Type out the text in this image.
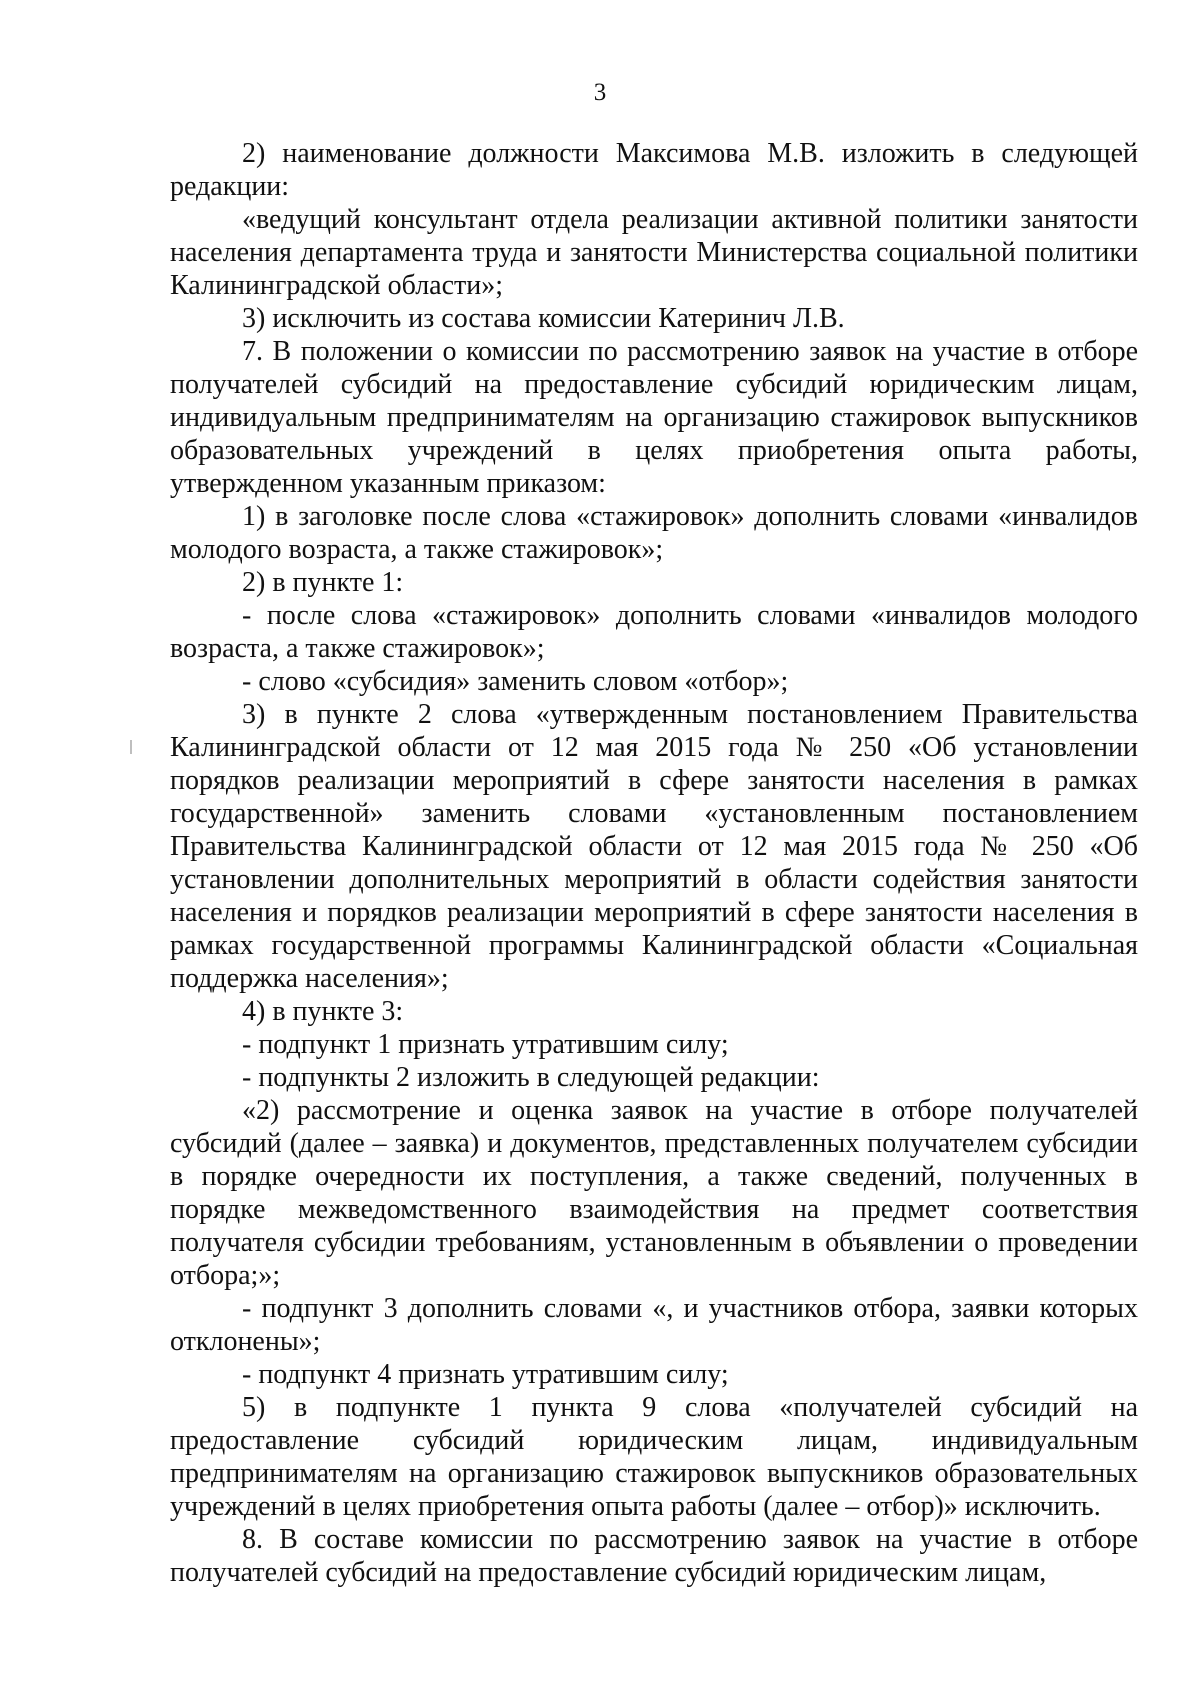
3

2) наименование должности Максимова М.В. изложить в следующей редакции:

«ведущий консультант отдела реализации активной политики занятости населения департамента труда и занятости Министерства социальной политики Калининградской области»;

3) исключить из состава комиссии Катеринич Л.В.

7. В положении о комиссии по рассмотрению заявок на участие в отборе получателей субсидий на предоставление субсидий юридическим лицам, индивидуальным предпринимателям на организацию стажировок выпускников образовательных учреждений в целях приобретения опыта работы, утвержденном указанным приказом:

1) в заголовке после слова «стажировок» дополнить словами «инвалидов молодого возраста, а также стажировок»;

2) в пункте 1:

- после слова «стажировок» дополнить словами «инвалидов молодого возраста, а также стажировок»;

- слово «субсидия» заменить словом «отбор»;

3) в пункте 2 слова «утвержденным постановлением Правительства Калининградской области от 12 мая 2015 года № 250 «Об установлении порядков реализации мероприятий в сфере занятости населения в рамках государственной» заменить словами «установленным постановлением Правительства Калининградской области от 12 мая 2015 года № 250 «Об установлении дополнительных мероприятий в области содействия занятости населения и порядков реализации мероприятий в сфере занятости населения в рамках государственной программы Калининградской области «Социальная поддержка населения»;

4) в пункте 3:

- подпункт 1 признать утратившим силу;

- подпункты 2 изложить в следующей редакции:

«2) рассмотрение и оценка заявок на участие в отборе получателей субсидий (далее – заявка) и документов, представленных получателем субсидии в порядке очередности их поступления, а также сведений, полученных в порядке межведомственного взаимодействия на предмет соответствия получателя субсидии требованиям, установленным в объявлении о проведении отбора;»;

- подпункт 3 дополнить словами «, и участников отбора, заявки которых отклонены»;

- подпункт 4 признать утратившим силу;

5) в подпункте 1 пункта 9 слова «получателей субсидий на предоставление субсидий юридическим лицам, индивидуальным предпринимателям на организацию стажировок выпускников образовательных учреждений в целях приобретения опыта работы (далее – отбор)» исключить.

8. В составе комиссии по рассмотрению заявок на участие в отборе получателей субсидий на предоставление субсидий юридическим лицам,
